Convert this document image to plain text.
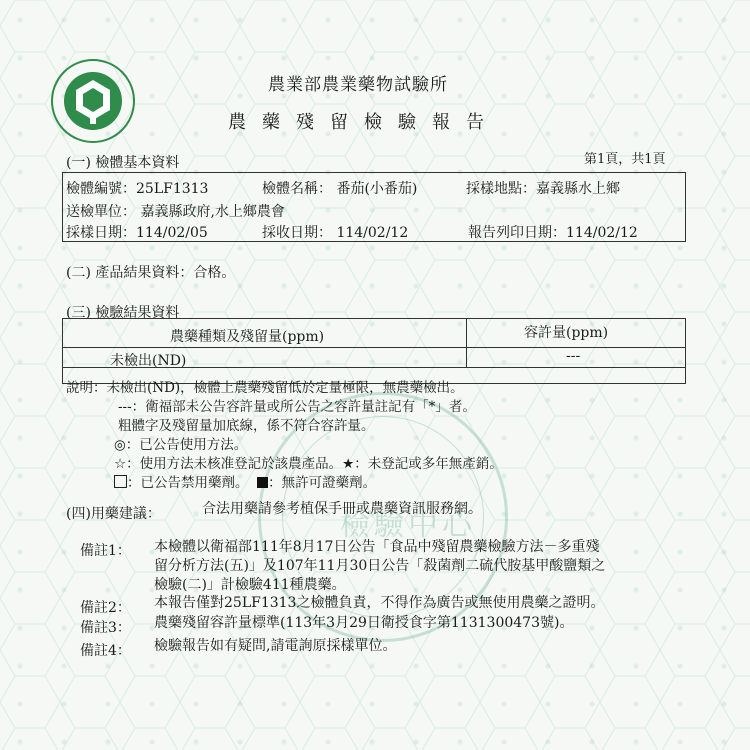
農業部農業藥物試驗所
農藥殘留檢驗報告
第1頁，共1頁
(一) 檢體基本資料
檢體編號：25LF1313	檢體名稱： 番茄(小番茄)	採樣地點：嘉義縣水上鄉
送檢單位： 嘉義縣政府,水上鄉農會
採樣日期：114/02/05	採收日期： 114/02/12	報告列印日期：114/02/12
(二) 產品結果資料：合格。
(三) 檢驗結果資料
農藥種類及殘留量(ppm)	容許量(ppm)
未檢出(ND)	---
檢驗中心
說明：未檢出(ND)，檢體上農藥殘留低於定量極限，無農藥檢出。
---：衛福部未公告容許量或所公告之容許量註記有「*」者。
粗體字及殘留量加底線，係不符合容許量。
◎：已公告使用方法。
☆：使用方法未核准登記於該農產品。★：未登記或多年無產銷。
：已公告禁用藥劑。 ：無許可證藥劑。
(四)用藥建議：	合法用藥請參考植保手冊或農藥資訊服務網。
備註1： 本檢體以衛福部111年8月17日公告「食品中殘留農藥檢驗方法－多重殘
留分析方法(五)」及107年11月30日公告「殺菌劑二硫代胺基甲酸鹽類之
檢驗(二)」計檢驗411種農藥。
備註2： 本報告僅對25LF1313之檢體負責，不得作為廣告或無使用農藥之證明。
備註3： 農藥殘留容許量標準(113年3月29日衛授食字第1131300473號)。
備註4： 檢驗報告如有疑問,請電詢原採樣單位。
